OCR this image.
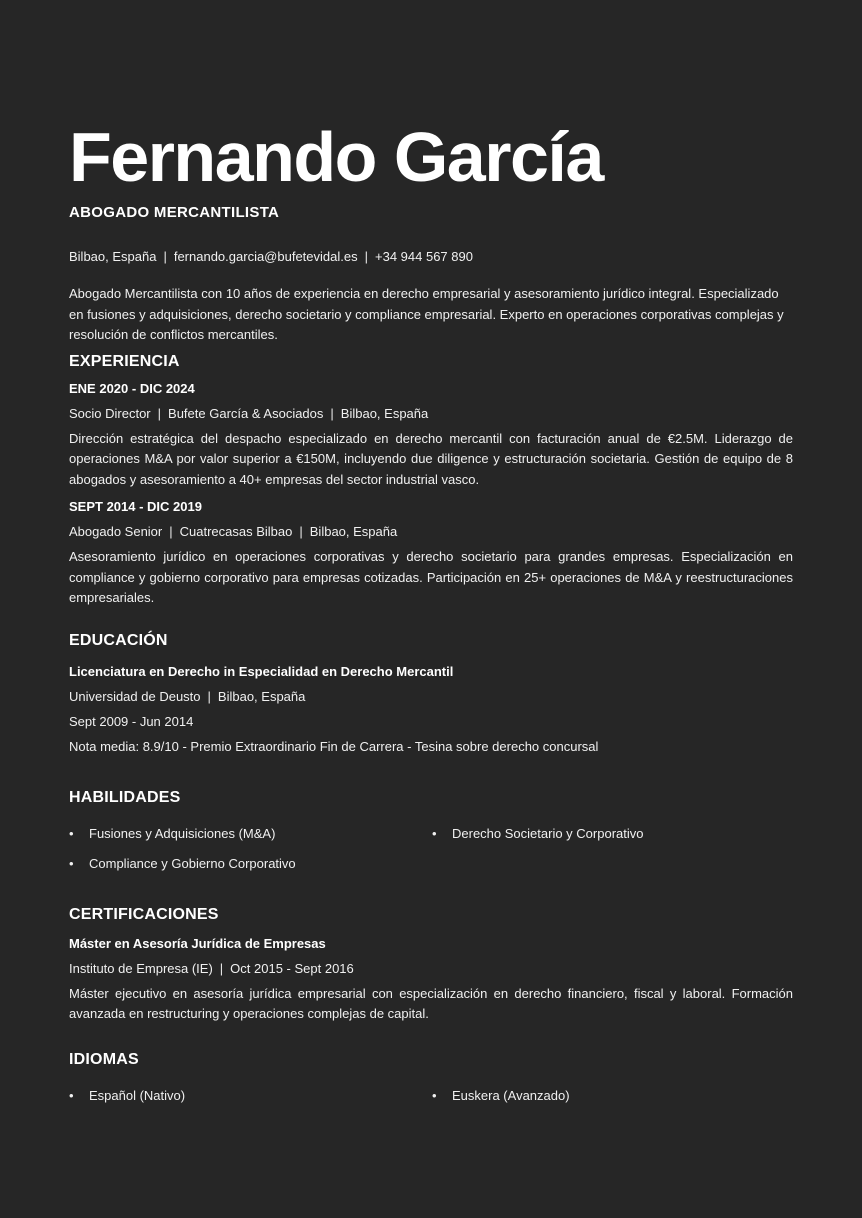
Fernando García
ABOGADO MERCANTILISTA
Bilbao, España | fernando.garcia@bufetevidal.es | +34 944 567 890

Abogado Mercantilista con 10 años de experiencia en derecho empresarial y asesoramiento jurídico integral. Especializado en fusiones y adquisiciones, derecho societario y compliance empresarial. Experto en operaciones corporativas complejas y resolución de conflictos mercantiles.

EXPERIENCIA
ENE 2020 - DIC 2024
Socio Director | Bufete García & Asociados | Bilbao, España

Dirección estratégica del despacho especializado en derecho mercantil con facturación anual de €2.5M. Liderazgo de operaciones M&A por valor superior a €150M, incluyendo due diligence y estructuración societaria. Gestión de equipo de 8 abogados y asesoramiento a 40+ empresas del sector industrial vasco.

SEPT 2014 - DIC 2019
Abogado Senior | Cuatrecasas Bilbao | Bilbao, España

Asesoramiento jurídico en operaciones corporativas y derecho societario para grandes empresas. Especialización en compliance y gobierno corporativo para empresas cotizadas. Participación en 25+ operaciones de M&A y reestructuraciones empresariales.

EDUCACIÓN
Licenciatura en Derecho in Especialidad en Derecho Mercantil
Universidad de Deusto | Bilbao, España
Sept 2009 - Jun 2014
Nota media: 8.9/10 - Premio Extraordinario Fin de Carrera - Tesina sobre derecho concursal
HABILIDADES
•	Fusiones y Adquisiciones (M&A)	•	Derecho Societario y Corporativo
•	Compliance y Gobierno Corporativo
CERTIFICACIONES
Máster en Asesoría Jurídica de Empresas
Instituto de Empresa (IE) | Oct 2015 - Sept 2016

Máster ejecutivo en asesoría jurídica empresarial con especialización en derecho financiero, fiscal y laboral. Formación avanzada en restructuring y operaciones complejas de capital.

IDIOMAS
•	Español (Nativo)	•	Euskera (Avanzado)
